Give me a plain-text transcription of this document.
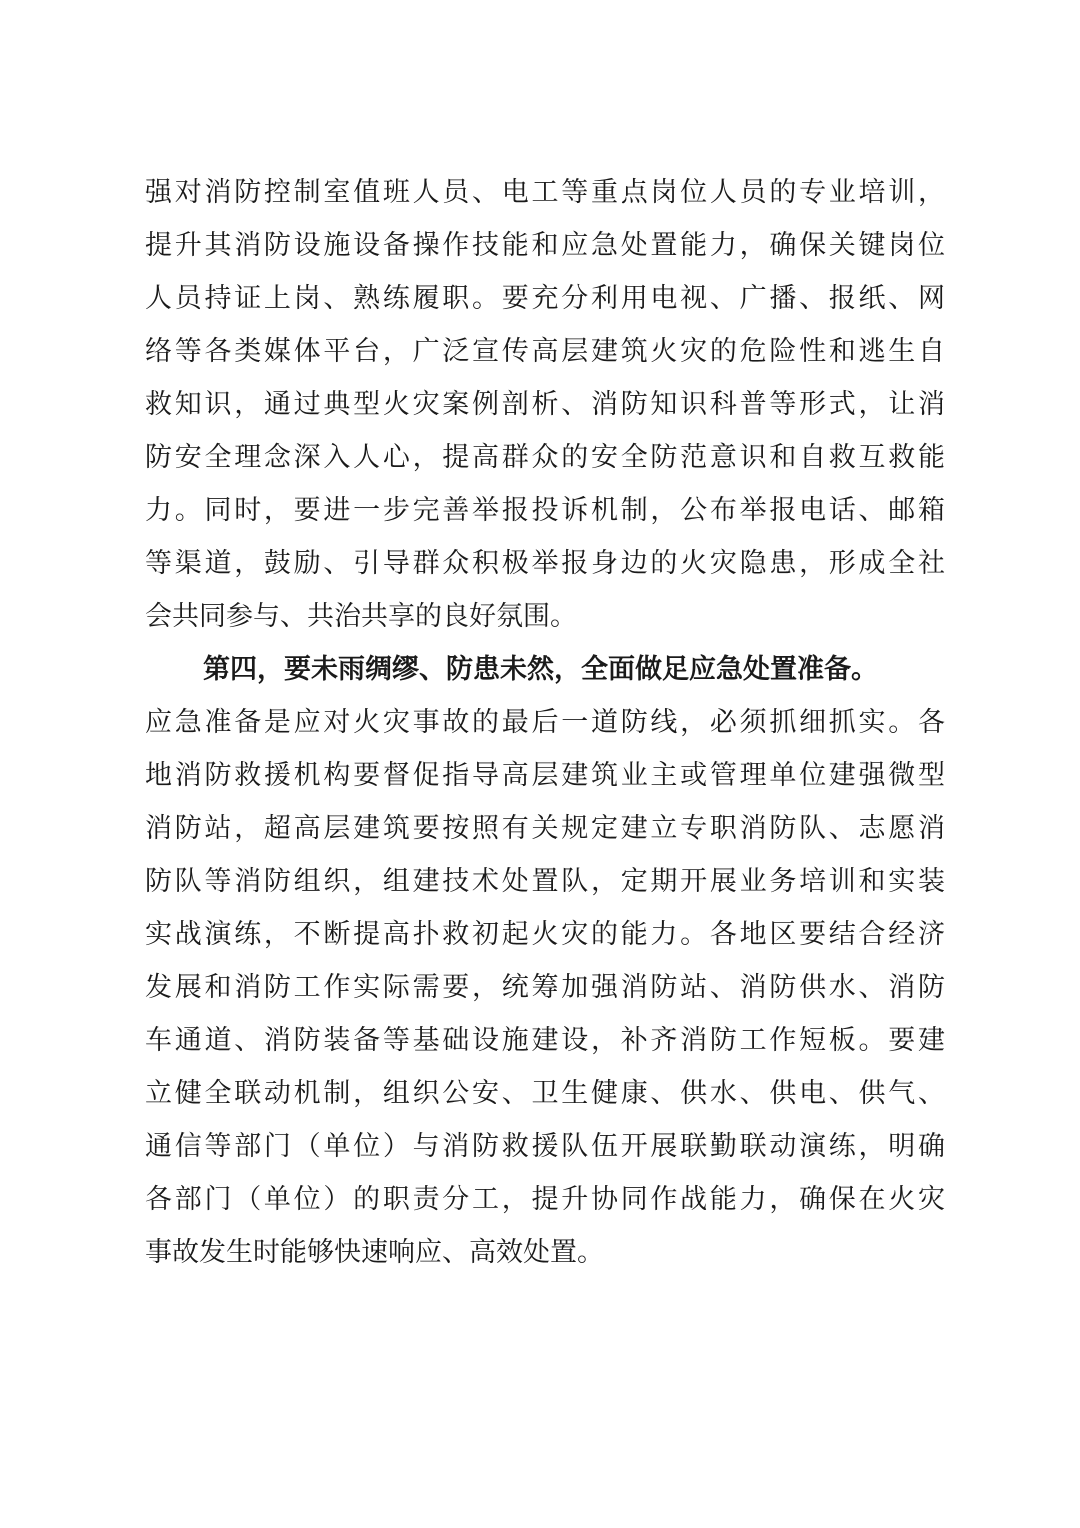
强对消防控制室值班人员、电工等重点岗位人员的专业培训，
提升其消防设施设备操作技能和应急处置能力，确保关键岗位
人员持证上岗、熟练履职。要充分利用电视、广播、报纸、网
络等各类媒体平台，广泛宣传高层建筑火灾的危险性和逃生自
救知识，通过典型火灾案例剖析、消防知识科普等形式，让消
防安全理念深入人心，提高群众的安全防范意识和自救互救能
力。同时，要进一步完善举报投诉机制，公布举报电话、邮箱
等渠道，鼓励、引导群众积极举报身边的火灾隐患，形成全社
会共同参与、共治共享的良好氛围。
第四，要未雨绸缪、防患未然，全面做足应急处置准备。
应急准备是应对火灾事故的最后一道防线，必须抓细抓实。各
地消防救援机构要督促指导高层建筑业主或管理单位建强微型
消防站，超高层建筑要按照有关规定建立专职消防队、志愿消
防队等消防组织，组建技术处置队，定期开展业务培训和实装
实战演练，不断提高扑救初起火灾的能力。各地区要结合经济
发展和消防工作实际需要，统筹加强消防站、消防供水、消防
车通道、消防装备等基础设施建设，补齐消防工作短板。要建
立健全联动机制，组织公安、卫生健康、供水、供电、供气、
通信等部门（单位）与消防救援队伍开展联勤联动演练，明确
各部门（单位）的职责分工，提升协同作战能力，确保在火灾
事故发生时能够快速响应、高效处置。
